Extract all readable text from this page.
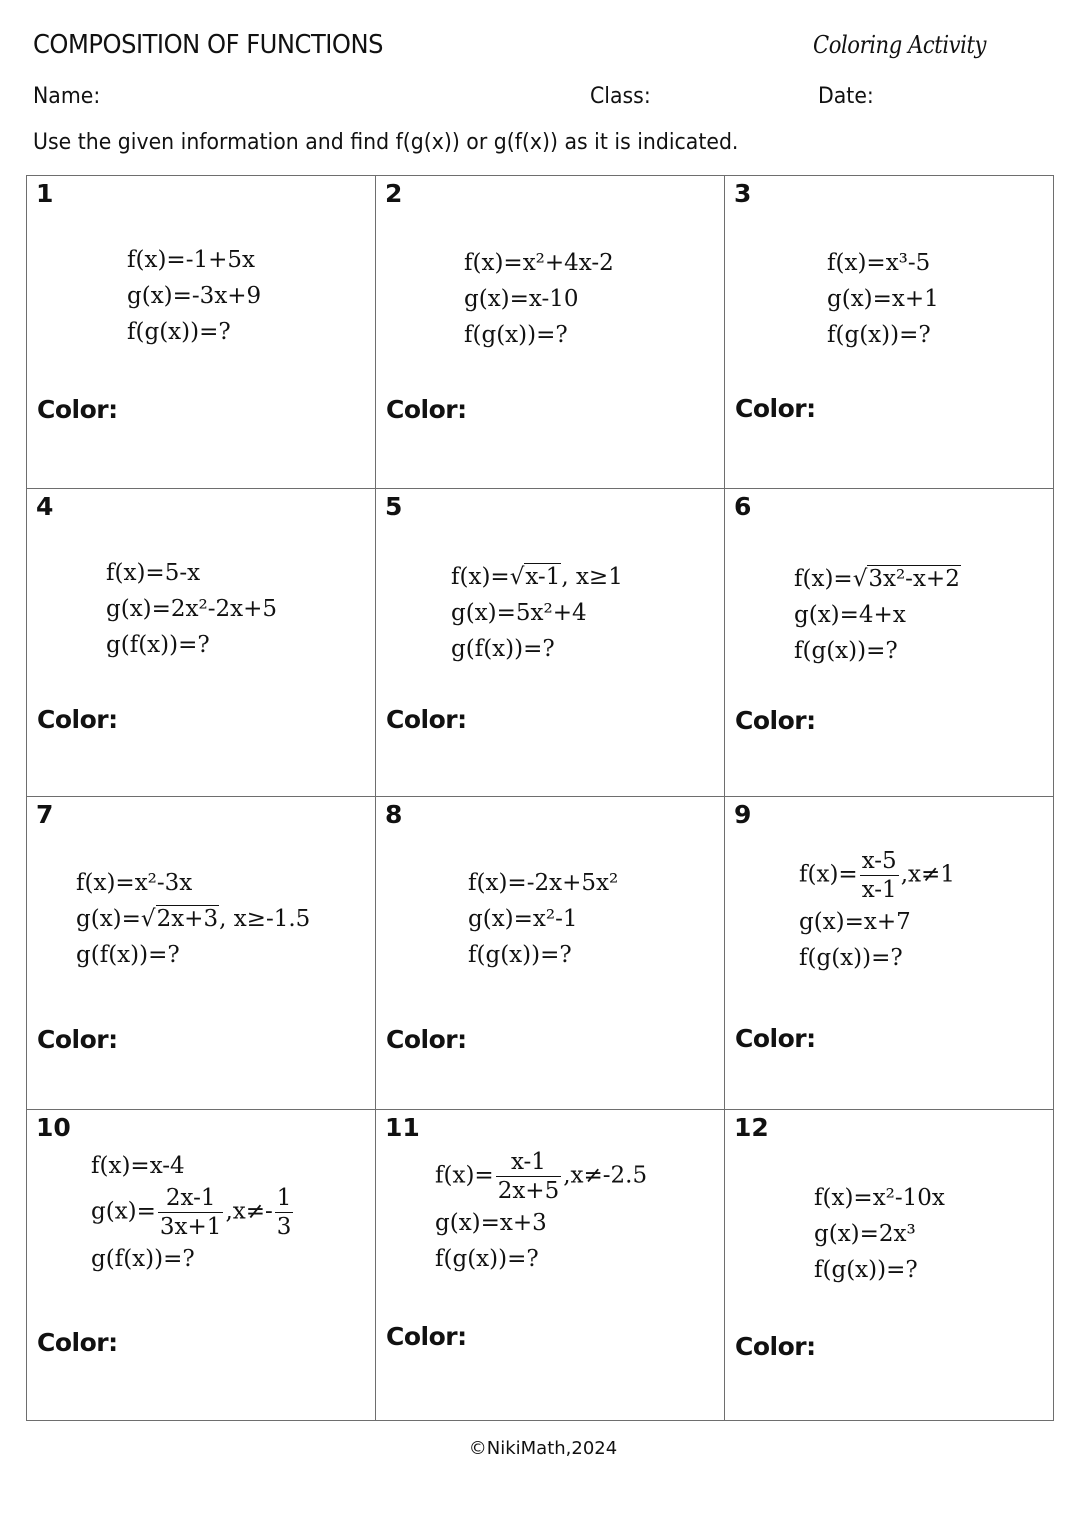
COMPOSITION OF FUNCTIONS	Coloring Activity
Name:	Class:	Date:
Use the given information and find f(g(x)) or g(f(x)) as it is indicated.
1
f(x)=-1+5x
g(x)=-3x+9
f(g(x))=?
Color:
2
f(x)=x²+4x-2
g(x)=x-10
f(g(x))=?
Color:
3
f(x)=x³-5
g(x)=x+1
f(g(x))=?
Color:
4
f(x)=5-x
g(x)=2x²-2x+5
g(f(x))=?
Color:
5
f(x)=√x-1, x≥1
g(x)=5x²+4
g(f(x))=?
Color:
6
f(x)=√3x²-x+2
g(x)=4+x
f(g(x))=?
Color:
7
f(x)=x²-3x
g(x)=√2x+3, x≥-1.5
g(f(x))=?
Color:
8
f(x)=-2x+5x²
g(x)=x²-1
f(g(x))=?
Color:
9
$f(x)= \frac{x-5}{x-1} ,x\ne 1$
g(x)=x+7
f(g(x))=?
Color:
10
f(x)=x-4
$g(x)= \frac{2x-1}{3x+1} ,x\ne- \frac{1}{3}$
g(f(x))=?
Color:
11
$f(x)= \frac{x-1}{2x+5} ,x\ne-2.5$
g(x)=x+3
f(g(x))=?
Color:
12
f(x)=x²-10x
g(x)=2x³
f(g(x))=?
Color:
©NikiMath,2024
